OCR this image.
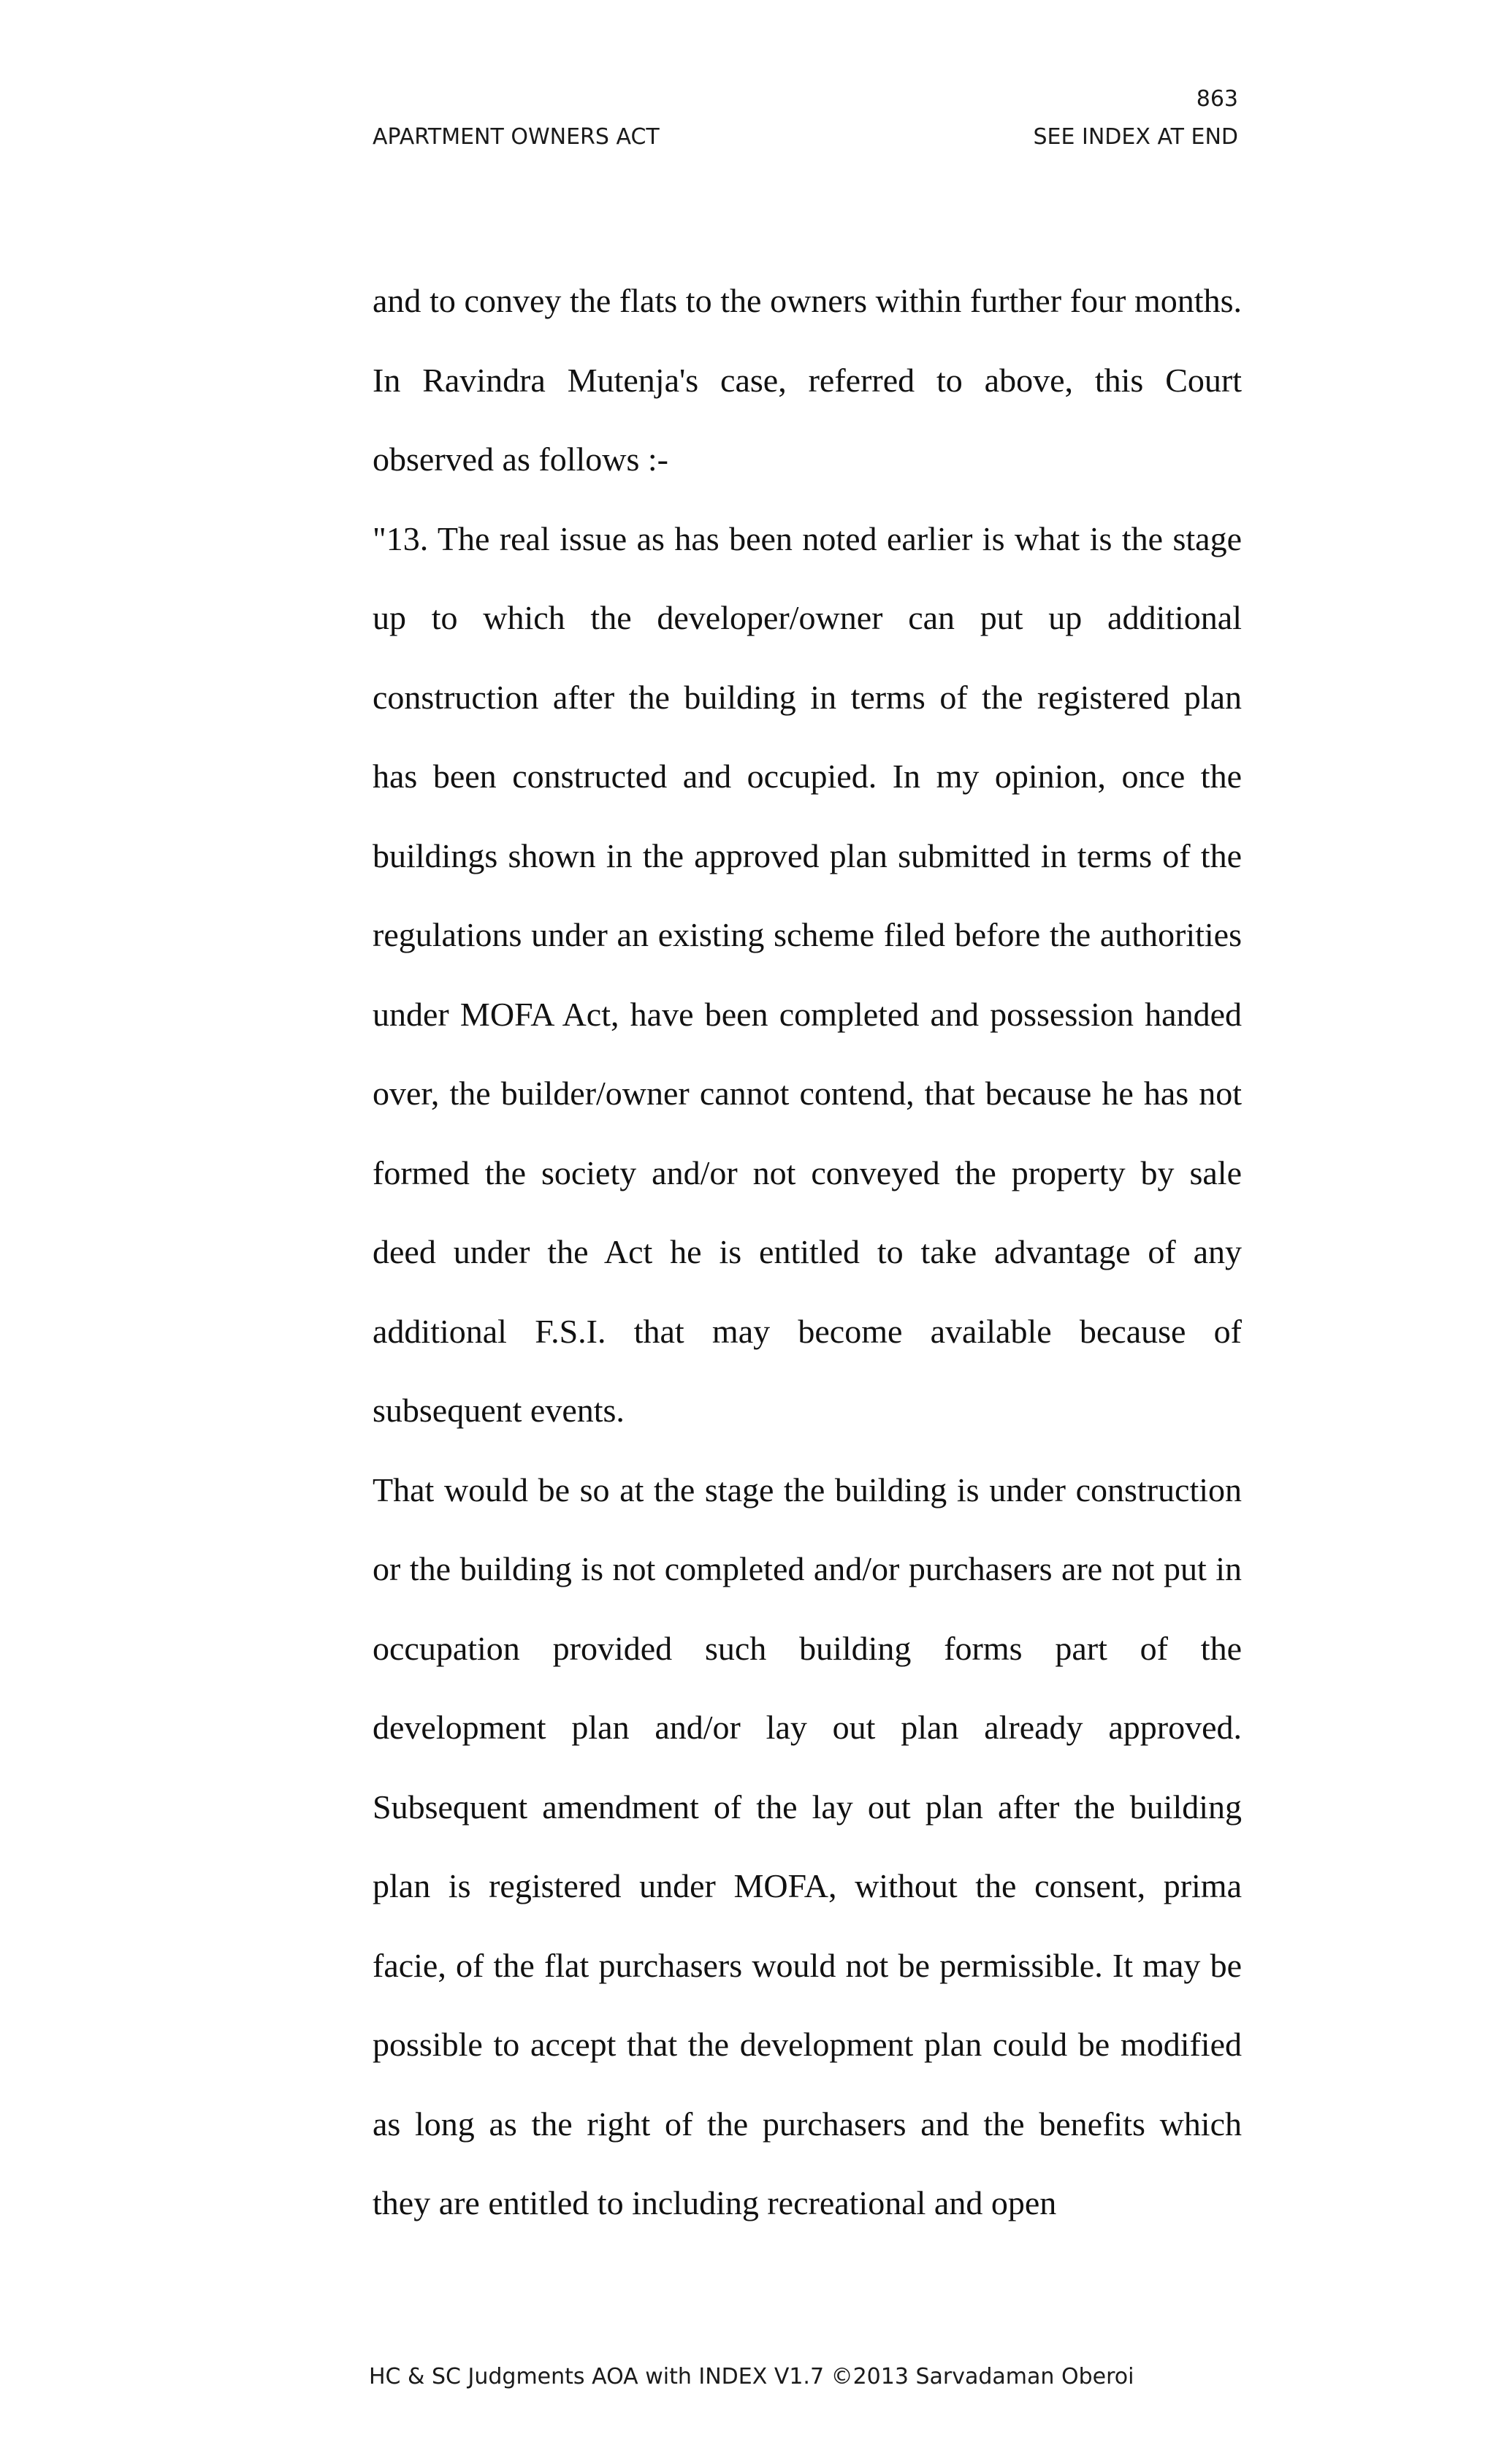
863
APARTMENT OWNERS ACT	SEE INDEX AT END

and to convey the flats to the owners within further four months. In Ravindra Mutenja's case, referred to above, this Court observed as follows :-

"13. The real issue as has been noted earlier is what is the stage up to which the developer/owner can put up additional construction after the building in terms of the registered plan has been constructed and occupied. In my opinion, once the buildings shown in the approved plan submitted in terms of the regulations under an existing scheme filed before the authorities under MOFA Act, have been completed and possession handed over, the builder/owner cannot contend, that because he has not formed the society and/or not conveyed the property by sale deed under the Act he is entitled to take advantage of any additional F.S.I. that may become available because of subsequent events.

That would be so at the stage the building is under construction or the building is not completed and/or purchasers are not put in occupation provided such building forms part of the development plan and/or lay out plan already approved. Subsequent amendment of the lay out plan after the building plan is registered under MOFA, without the consent, prima facie, of the flat purchasers would not be permissible. It may be possible to accept that the development plan could be modified as long as the right of the purchasers and the benefits which they are entitled to including recreational and open

HC & SC Judgments AOA with INDEX V1.7 ©2013 Sarvadaman Oberoi
